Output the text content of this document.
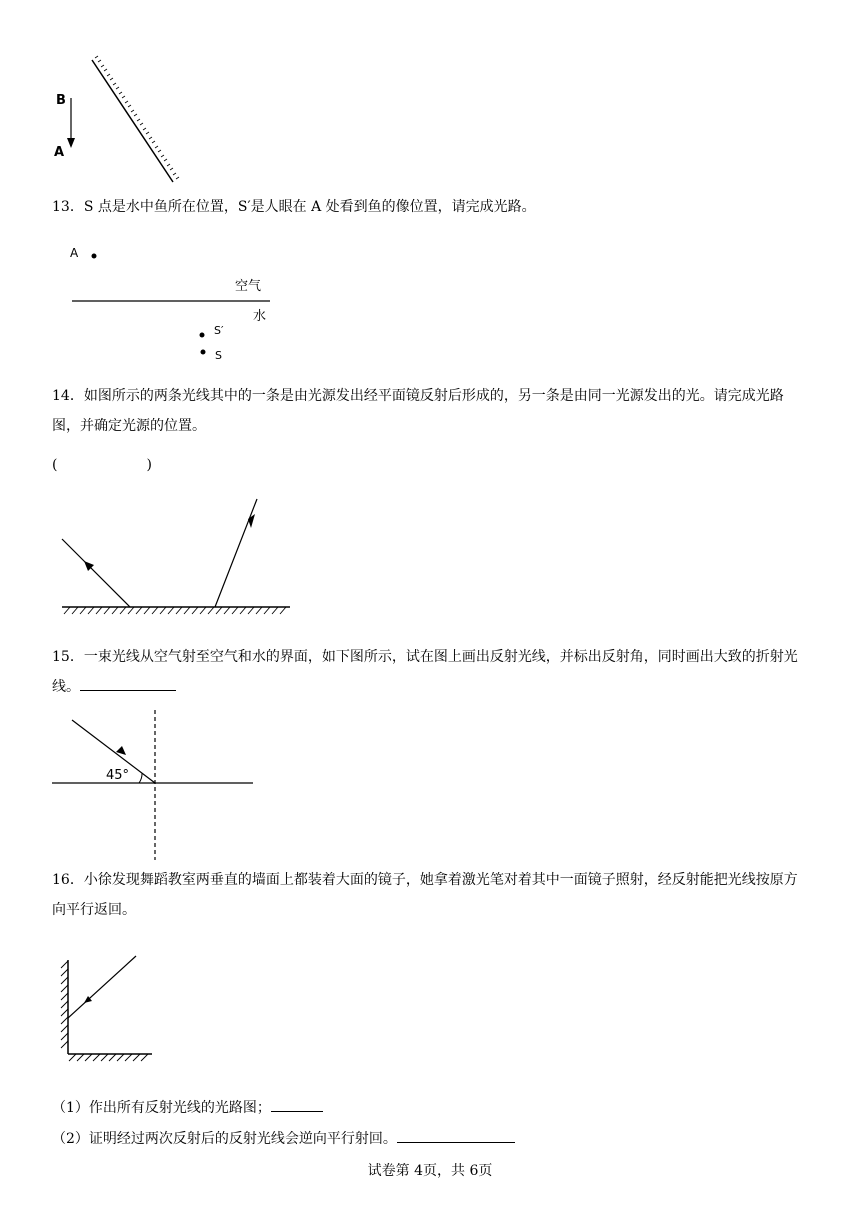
B
A
13．S 点是水中鱼所在位置，S′是人眼在 A 处看到鱼的像位置，请完成光路。
A
空气
水
S′
S
14．如图所示的两条光线其中的一条是由光源发出经平面镜反射后形成的，另一条是由同一光源发出的光。请完成光路图，并确定光源的位置。
(                    )
15．一束光线从空气射至空气和水的界面，如下图所示，试在图上画出反射光线，并标出反射角，同时画出大致的折射光线。
45°
16．小徐发现舞蹈教室两垂直的墙面上都装着大面的镜子，她拿着激光笔对着其中一面镜子照射，经反射能把光线按原方向平行返回。
（1）作出所有反射光线的光路图；
（2）证明经过两次反射后的反射光线会逆向平行射回。
试卷第 4页，共 6页
